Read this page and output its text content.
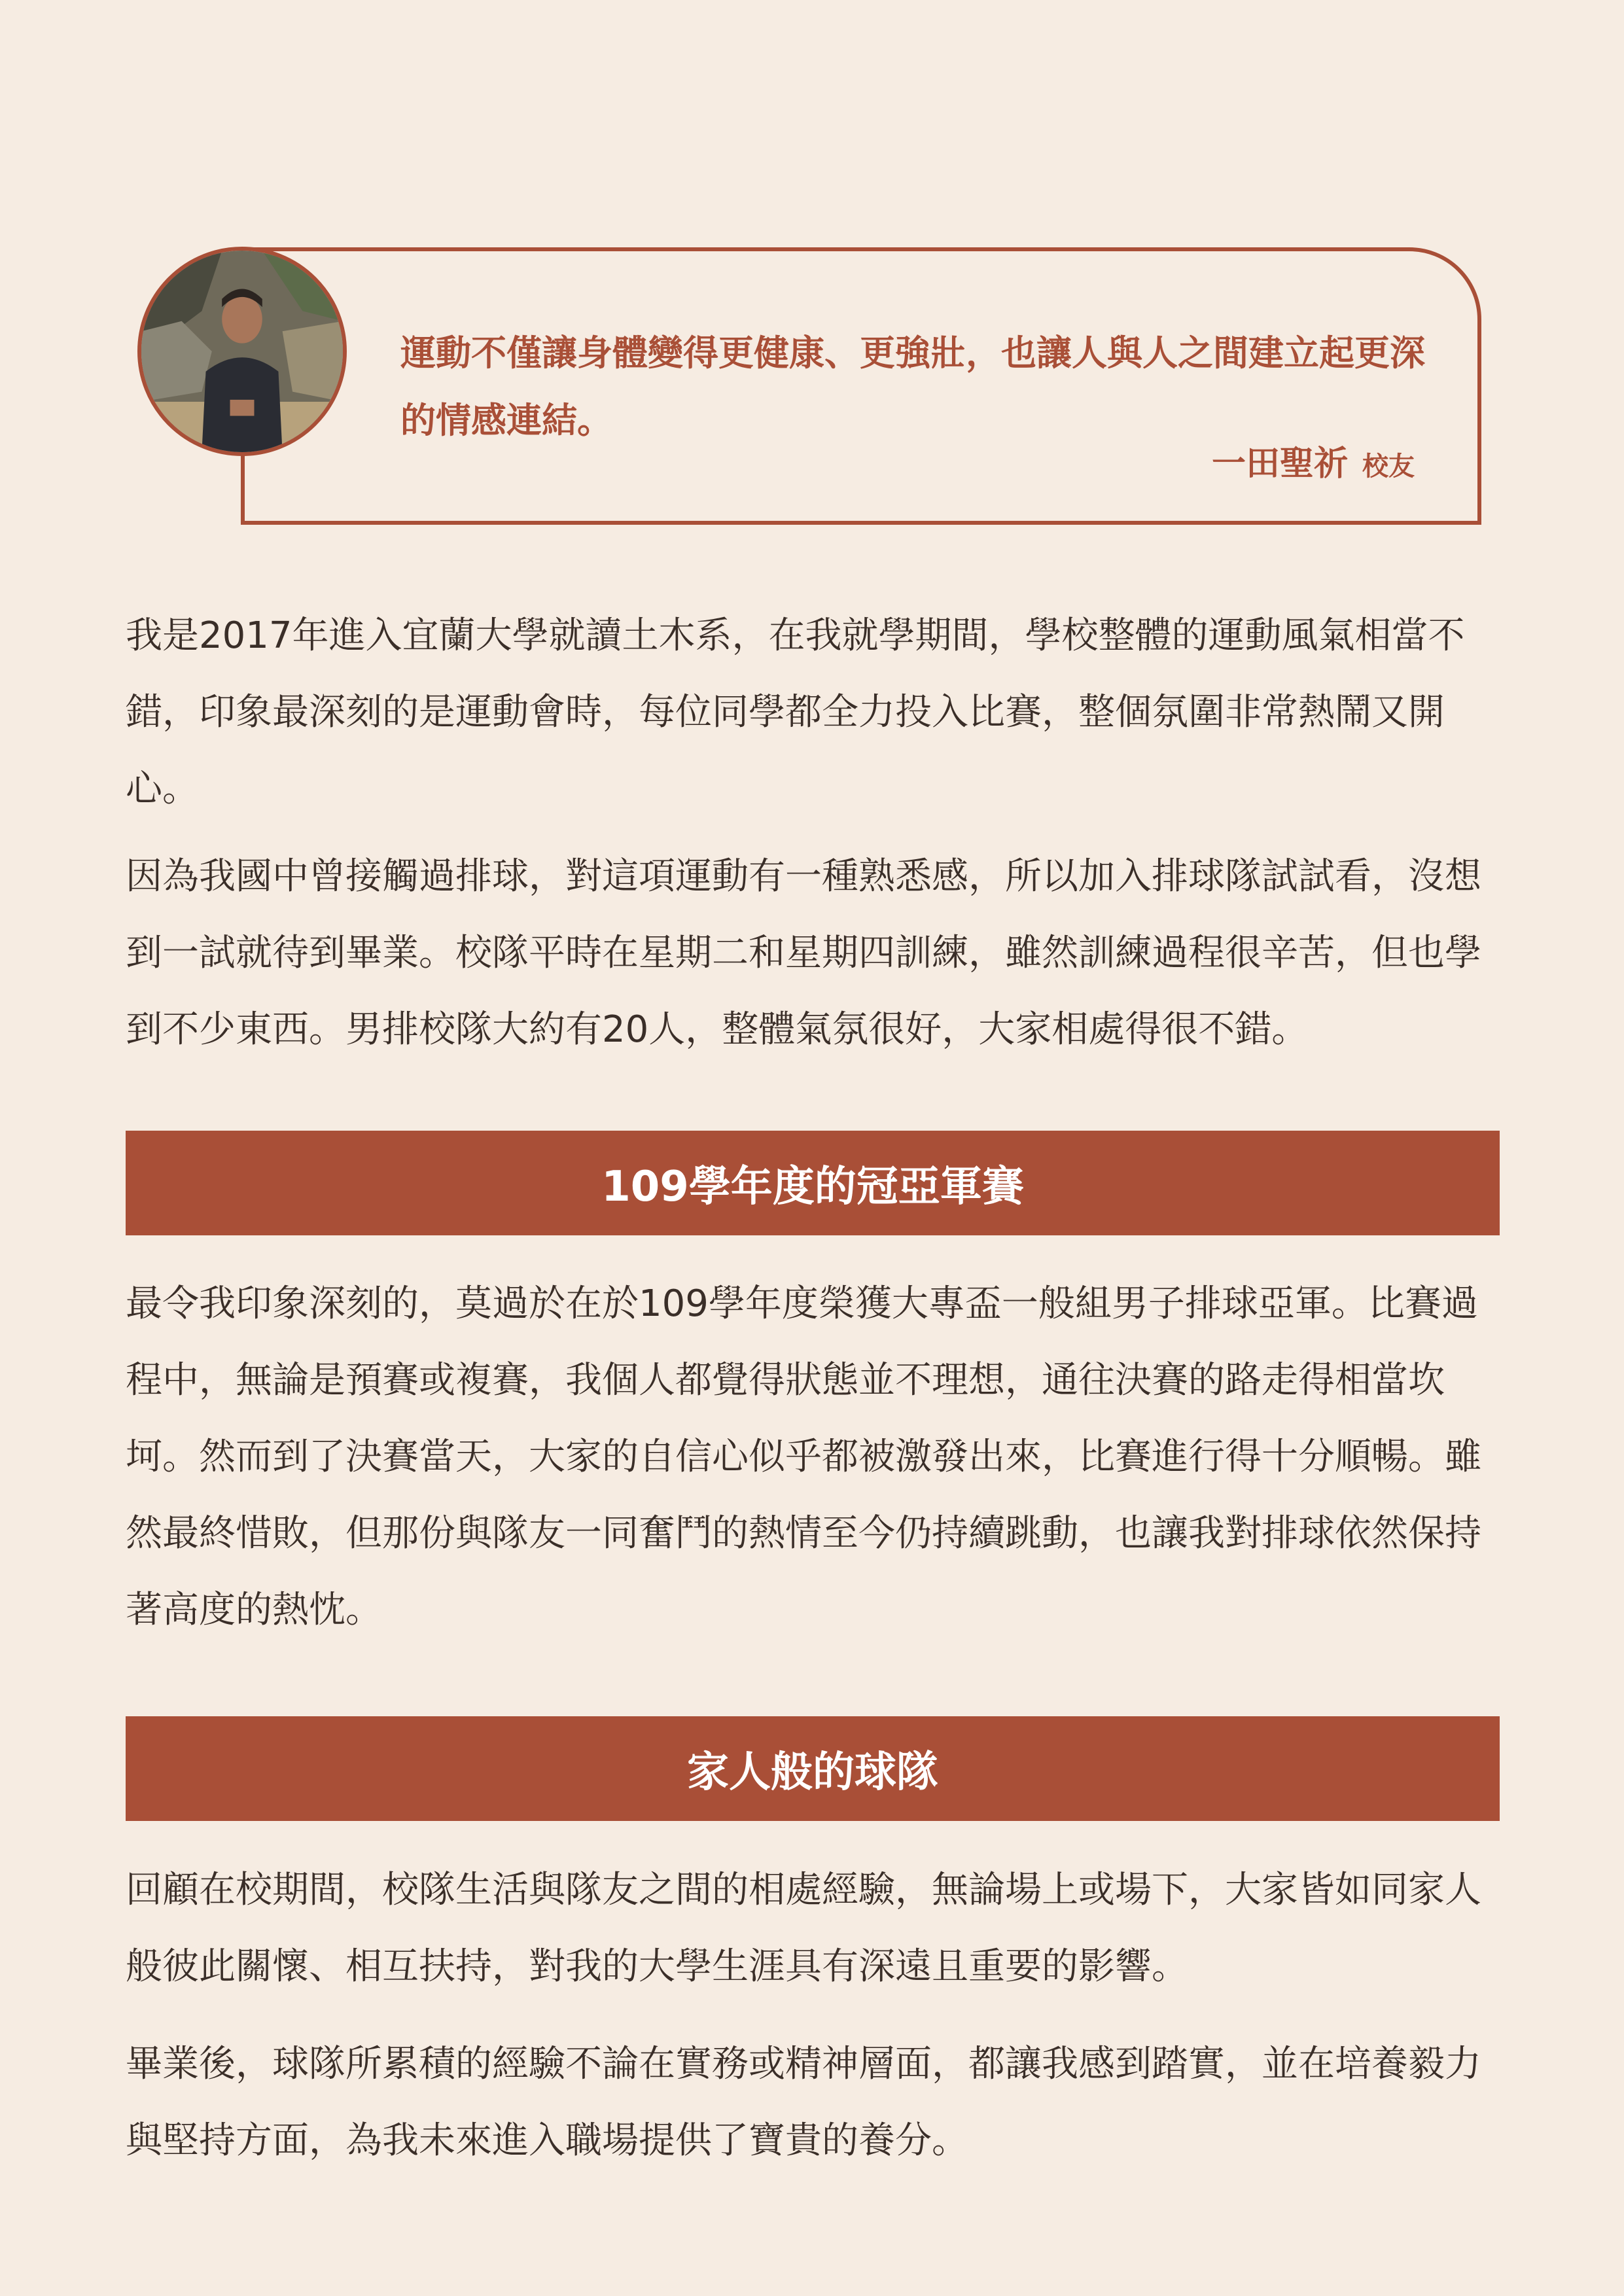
運動不僅讓身體變得更健康、更強壯，也讓人與人之間建立起更深的情感連結。

一田聖祈 校友

我是2017年進入宜蘭大學就讀土木系，在我就學期間，學校整體的運動風氣相當不錯，印象最深刻的是運動會時，每位同學都全力投入比賽，整個氛圍非常熱鬧又開心。

因為我國中曾接觸過排球，對這項運動有一種熟悉感，所以加入排球隊試試看，沒想到一試就待到畢業。校隊平時在星期二和星期四訓練，雖然訓練過程很辛苦，但也學到不少東西。男排校隊大約有20人，整體氣氛很好，大家相處得很不錯。

109學年度的冠亞軍賽

最令我印象深刻的，莫過於在於109學年度榮獲大專盃一般組男子排球亞軍。比賽過程中，無論是預賽或複賽，我個人都覺得狀態並不理想，通往決賽的路走得相當坎坷。然而到了決賽當天，大家的自信心似乎都被激發出來，比賽進行得十分順暢。雖然最終惜敗，但那份與隊友一同奮鬥的熱情至今仍持續跳動，也讓我對排球依然保持著高度的熱忱。

家人般的球隊

回顧在校期間，校隊生活與隊友之間的相處經驗，無論場上或場下，大家皆如同家人般彼此關懷、相互扶持，對我的大學生涯具有深遠且重要的影響。

畢業後，球隊所累積的經驗不論在實務或精神層面，都讓我感到踏實，並在培養毅力與堅持方面，為我未來進入職場提供了寶貴的養分。
